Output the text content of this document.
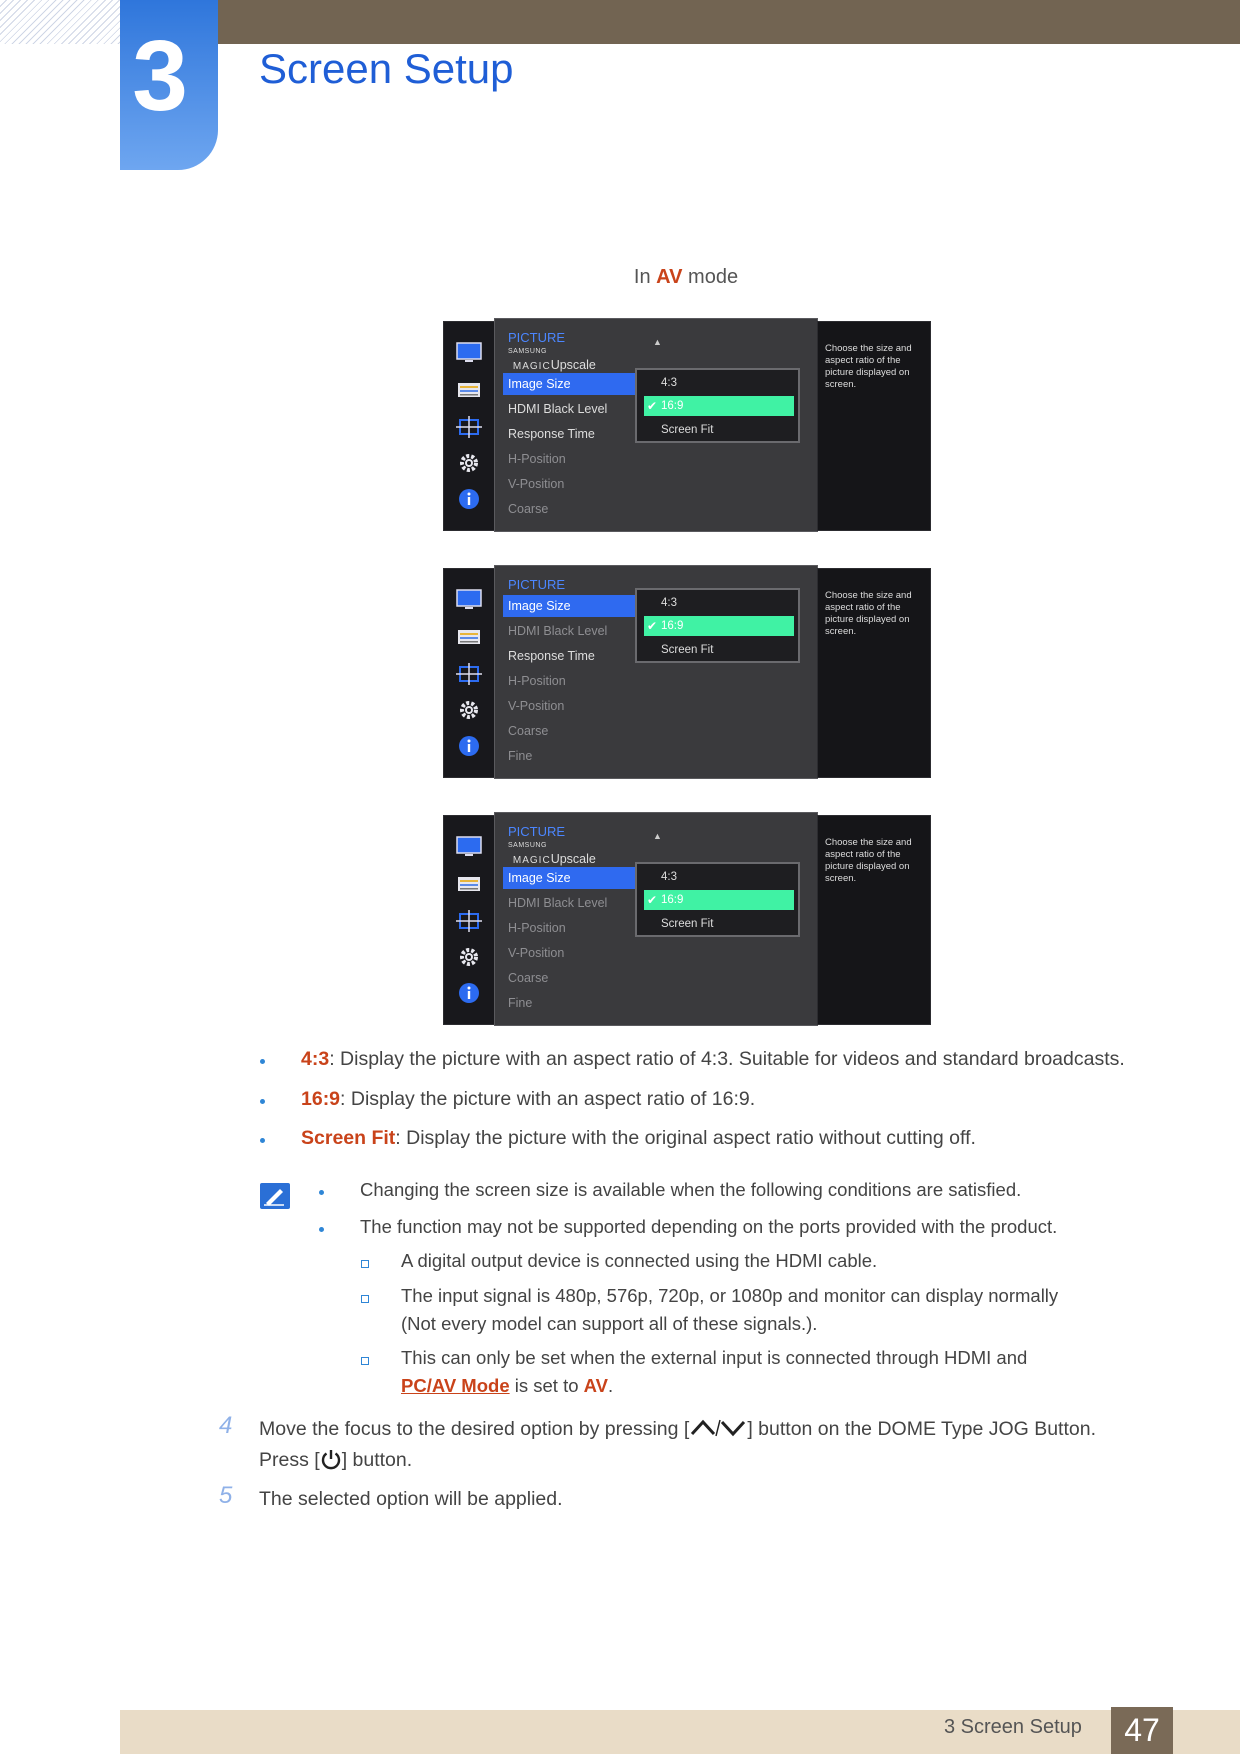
3 Screen Setup
In AV mode
PICTURE	▲
SAMSUNGMAGICUpscale
Image Size
HDMI Black Level
Response Time
H-Position
V-Position
Coarse
4:3
✔ 16:9
Screen Fit
Choose the size and aspect ratio of the picture displayed on screen.
PICTURE
Image Size
HDMI Black Level
Response Time
H-Position
V-Position
Coarse
Fine
4:3
✔ 16:9
Screen Fit
Choose the size and aspect ratio of the picture displayed on screen.
PICTURE	▲
SAMSUNGMAGICUpscale
Image Size
HDMI Black Level
H-Position
V-Position
Coarse
Fine
4:3
✔ 16:9
Screen Fit
Choose the size and aspect ratio of the picture displayed on screen.
4:3: Display the picture with an aspect ratio of 4:3. Suitable for videos and standard broadcasts.
16:9: Display the picture with an aspect ratio of 16:9.
Screen Fit: Display the picture with the original aspect ratio without cutting off.
Changing the screen size is available when the following conditions are satisfied.
The function may not be supported depending on the ports provided with the product.
A digital output device is connected using the HDMI cable.
The input signal is 480p, 576p, 720p, or 1080p and monitor can display normally
(Not every model can support all of these signals.).
This can only be set when the external input is connected through HDMI and
PC/AV Mode is set to AV.
4 Move the focus to the desired option by pressing [	] button on the DOME Type JOG Button.
Press [ ] button.
5 The selected option will be applied.
3 Screen Setup	47
